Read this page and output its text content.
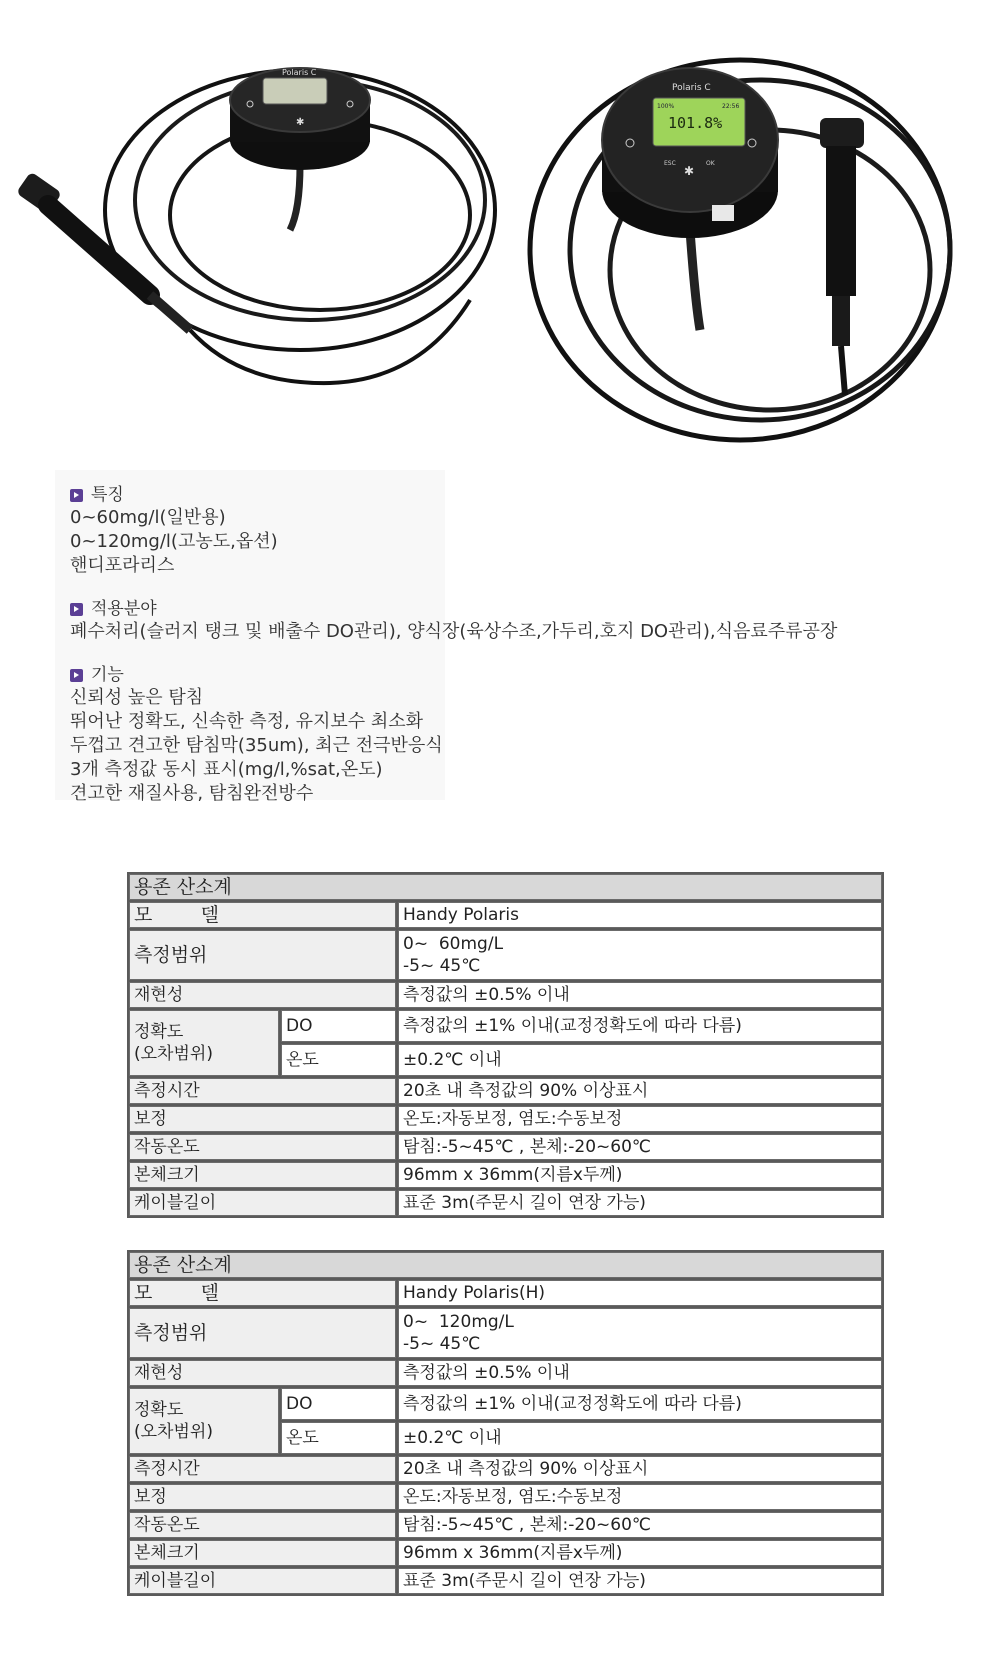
Polaris C
✱
Polaris C
100%	22:56
101.8%
✱
ESC	OK
특징
0~60mg/l(일반용)
0~120mg/l(고농도,옵션)
핸디포라리스
적용분야
폐수처리(슬러지 탱크 및 배출수 DO관리), 양식장(육상수조,가두리,호지 DO관리),식음료주류공장
기능
신뢰성 높은 탐침
뛰어난 정확도, 신속한 측정, 유지보수 최소화
두껍고 견고한 탐침막(35um), 최근 전극반응식
3개 측정값 동시 표시(mg/l,%sat,온도)
견고한 재질사용, 탐침완전방수
용존 산소계		
모        델		Handy Polaris
측정범위		0~  60mg/L
-5~ 45℃

재현성		측정값의 ±0.5% 이내

정확도
(오차범위)	DO	측정값의 ±1% 이내(교정정확도에 따라 다름)
	온도	±0.2℃ 이내
측정시간		20초 내 측정값의 90% 이상표시
보정		온도:자동보정, 염도:수동보정
작동온도		탐침:-5~45℃ , 본체:-20~60℃
본체크기		96mm x 36mm(지름x두께)
케이블길이		표준 3m(주문시 길이 연장 가능)
용존 산소계		
모        델		Handy Polaris(H)
측정범위		0~  120mg/L
-5~ 45℃

재현성		측정값의 ±0.5% 이내

정확도
(오차범위)	DO	측정값의 ±1% 이내(교정정확도에 따라 다름)
	온도	±0.2℃ 이내
측정시간		20초 내 측정값의 90% 이상표시
보정		온도:자동보정, 염도:수동보정
작동온도		탐침:-5~45℃ , 본체:-20~60℃
본체크기		96mm x 36mm(지름x두께)
케이블길이		표준 3m(주문시 길이 연장 가능)
